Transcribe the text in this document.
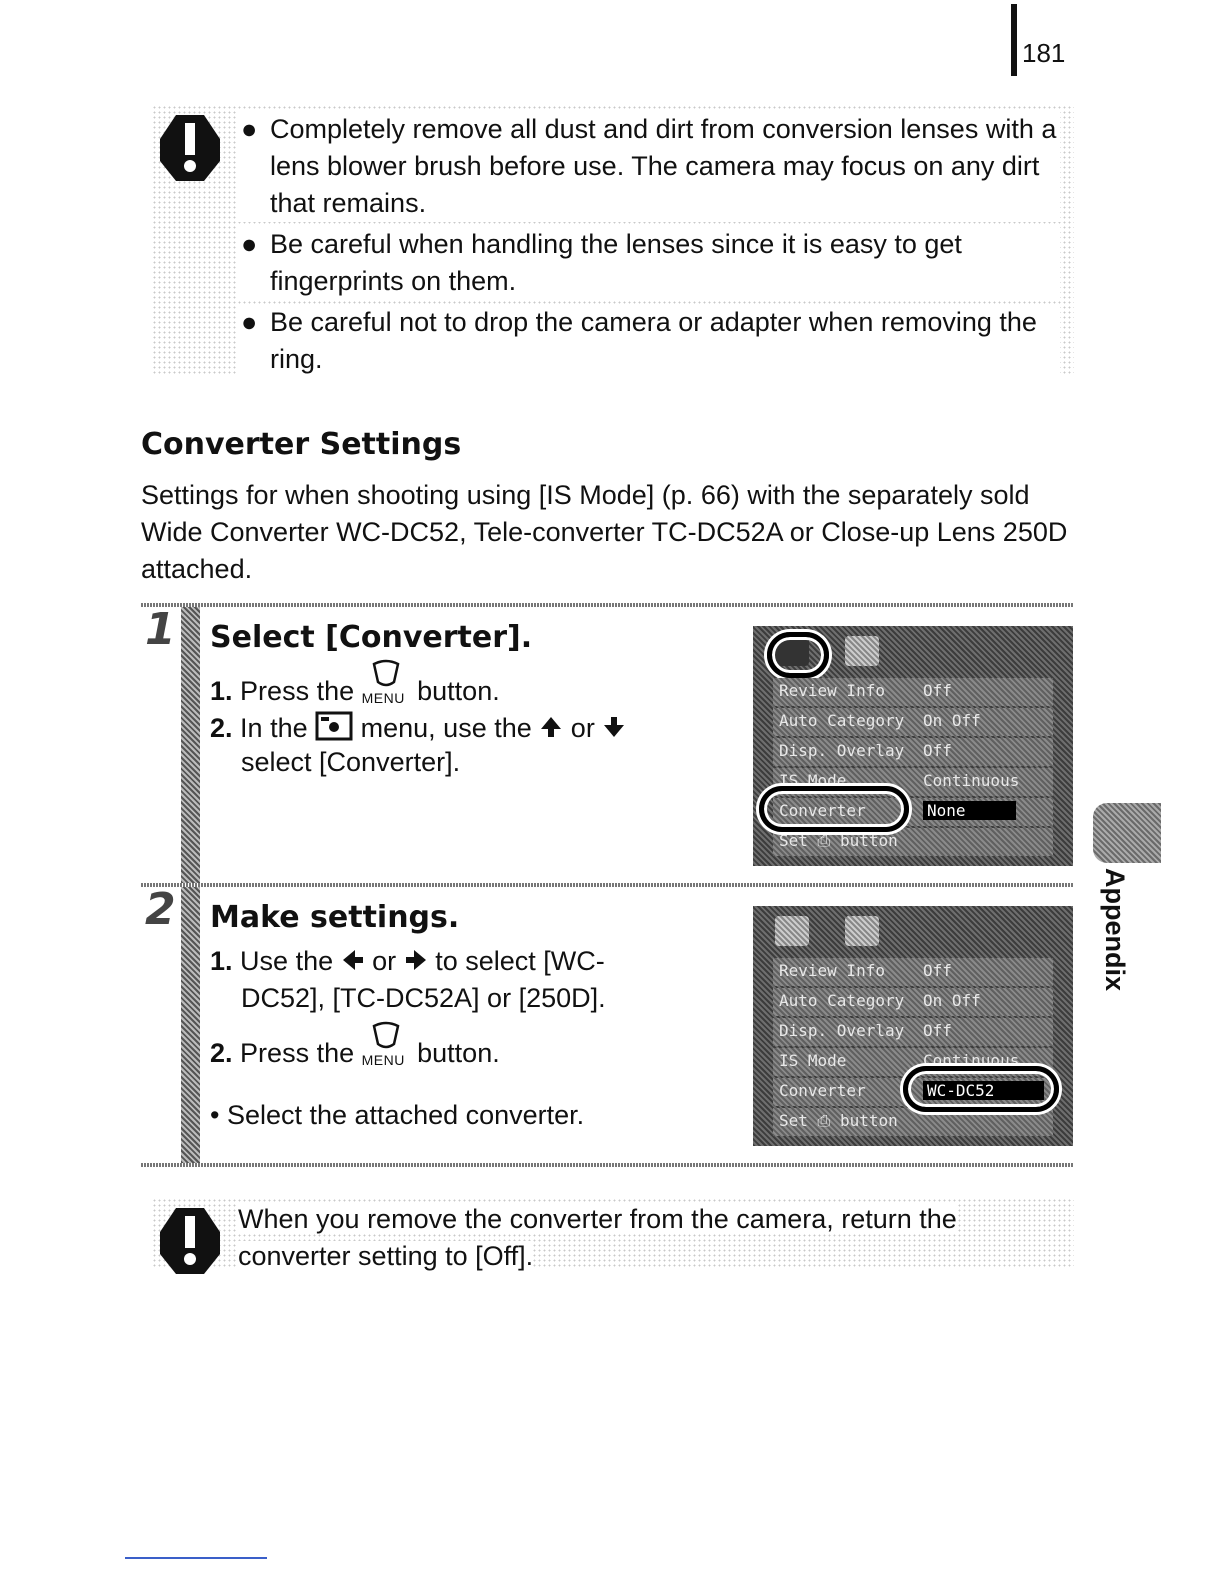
181
● Completely remove all dust and dirt from conversion lenses with a lens blower brush before use. The camera may focus on any dirt that remains.
● Be careful when handling the lenses since it is easy to get fingerprints on them.
● Be careful not to drop the camera or adapter when removing the ring.
Converter Settings
Settings for when shooting using [IS Mode] (p. 66) with the separately sold Wide Converter WC-DC52, Tele-converter TC-DC52A or Close-up Lens 250D attached.
1 Select [Converter].
1. Press the MENU button.
2. In the menu, use the or
select [Converter].
Review Info Off
Auto Category On Off
Disp. Overlay Off
IS Mode	Continuous
Converter	None
Set ⎙ button
2 Make settings.
1. Use the or to select [WC-
DC52], [TC-DC52A] or [250D].
2. Press the MENU button.
• Select the attached converter.
Review Info Off
Auto Category On Off
Disp. Overlay Off
IS Mode	Continuous
Converter	WC-DC52
Set ⎙ button
When you remove the converter from the camera, return the converter setting to [Off].
Appendix
